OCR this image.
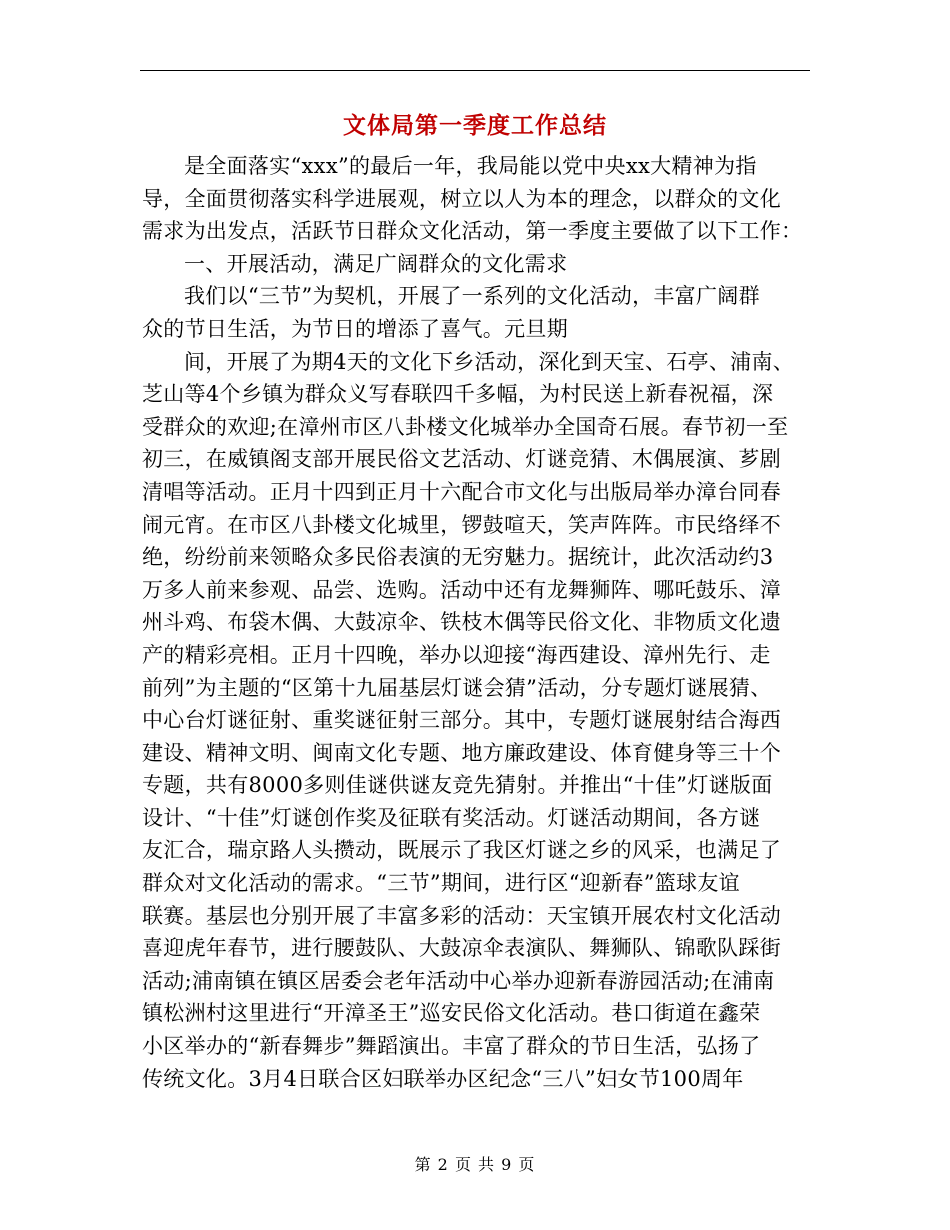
文体局第一季度工作总结

是全面落实“xxx”的最后一年，我局能以党中央xx大精神为指

导，全面贯彻落实科学进展观，树立以人为本的理念，以群众的文化

需求为出发点，活跃节日群众文化活动，第一季度主要做了以下工作：

一、开展活动，满足广阔群众的文化需求

我们以“三节”为契机，开展了一系列的文化活动，丰富广阔群

众的节日生活，为节日的增添了喜气。元旦期

间，开展了为期4天的文化下乡活动，深化到天宝、石亭、浦南、

芝山等4个乡镇为群众义写春联四千多幅，为村民送上新春祝福，深

受群众的欢迎;在漳州市区八卦楼文化城举办全国奇石展。春节初一至

初三，在威镇阁支部开展民俗文艺活动、灯谜竞猜、木偶展演、芗剧

清唱等活动。正月十四到正月十六配合市文化与出版局举办漳台同春

闹元宵。在市区八卦楼文化城里，锣鼓喧天，笑声阵阵。市民络绎不

绝，纷纷前来领略众多民俗表演的无穷魅力。据统计，此次活动约3

万多人前来参观、品尝、选购。活动中还有龙舞狮阵、哪吒鼓乐、漳

州斗鸡、布袋木偶、大鼓凉伞、铁枝木偶等民俗文化、非物质文化遗

产的精彩亮相。正月十四晚，举办以迎接“海西建设、漳州先行、走

前列”为主题的“区第十九届基层灯谜会猜”活动，分专题灯谜展猜、

中心台灯谜征射、重奖谜征射三部分。其中，专题灯谜展射结合海西

建设、精神文明、闽南文化专题、地方廉政建设、体育健身等三十个

专题，共有8000多则佳谜供谜友竞先猜射。并推出“十佳”灯谜版面

设计、“十佳”灯谜创作奖及征联有奖活动。灯谜活动期间，各方谜

友汇合，瑞京路人头攒动，既展示了我区灯谜之乡的风采，也满足了

群众对文化活动的需求。“三节”期间，进行区“迎新春”篮球友谊

联赛。基层也分别开展了丰富多彩的活动：天宝镇开展农村文化活动

喜迎虎年春节，进行腰鼓队、大鼓凉伞表演队、舞狮队、锦歌队踩街

活动;浦南镇在镇区居委会老年活动中心举办迎新春游园活动;在浦南

镇松洲村这里进行“开漳圣王”巡安民俗文化活动。巷口街道在鑫荣

小区举办的“新春舞步”舞蹈演出。丰富了群众的节日生活，弘扬了

传统文化。3月4日联合区妇联举办区纪念“三八”妇女节100周年

第 2 页 共 9 页
